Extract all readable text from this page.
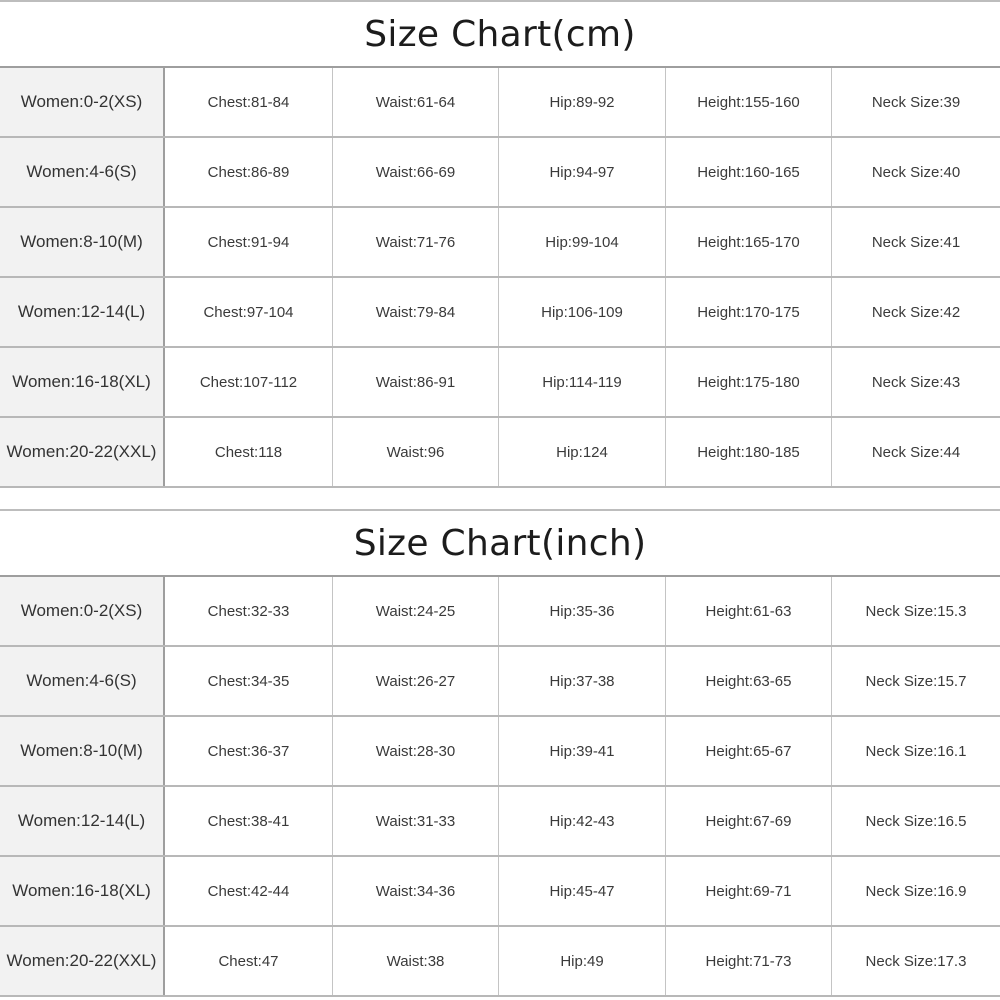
Size Chart(cm)
Women:0-2(XS)	Chest:81-84	Waist:61-64	Hip:89-92	Height:155-160	Neck Size:39
Women:4-6(S)	Chest:86-89	Waist:66-69	Hip:94-97	Height:160-165	Neck Size:40
Women:8-10(M)	Chest:91-94	Waist:71-76	Hip:99-104	Height:165-170	Neck Size:41
Women:12-14(L)	Chest:97-104	Waist:79-84	Hip:106-109	Height:170-175	Neck Size:42
Women:16-18(XL)	Chest:107-112	Waist:86-91	Hip:114-119	Height:175-180	Neck Size:43
Women:20-22(XXL)	Chest:118	Waist:96	Hip:124	Height:180-185	Neck Size:44
Size Chart(inch)
Women:0-2(XS)	Chest:32-33	Waist:24-25	Hip:35-36	Height:61-63	Neck Size:15.3
Women:4-6(S)	Chest:34-35	Waist:26-27	Hip:37-38	Height:63-65	Neck Size:15.7
Women:8-10(M)	Chest:36-37	Waist:28-30	Hip:39-41	Height:65-67	Neck Size:16.1
Women:12-14(L)	Chest:38-41	Waist:31-33	Hip:42-43	Height:67-69	Neck Size:16.5
Women:16-18(XL)	Chest:42-44	Waist:34-36	Hip:45-47	Height:69-71	Neck Size:16.9
Women:20-22(XXL)	Chest:47	Waist:38	Hip:49	Height:71-73	Neck Size:17.3
